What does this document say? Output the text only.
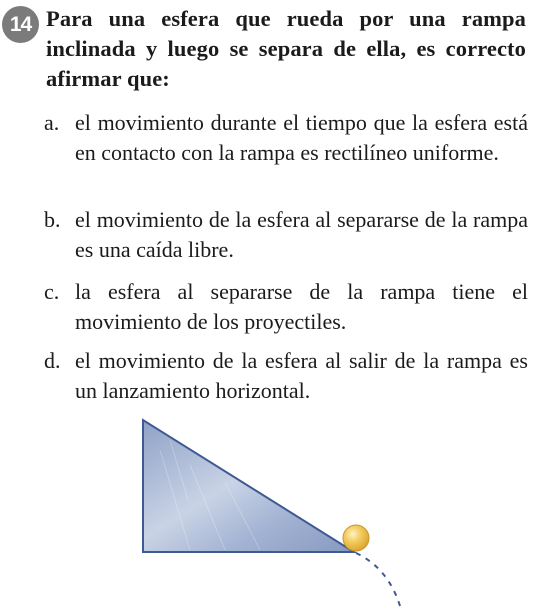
14 Para una esfera que rueda por una rampa inclinada y luego se separa de ella, es correcto afirmar que:
a. el movimiento durante el tiempo que la esfera está en contacto con la rampa es rectilíneo uniforme.
b. el movimiento de la esfera al separarse de la rampa es una caída libre.
c. la esfera al separarse de la rampa tiene el movimiento de los proyectiles.
d. el movimiento de la esfera al salir de la rampa es un lanzamiento horizontal.
